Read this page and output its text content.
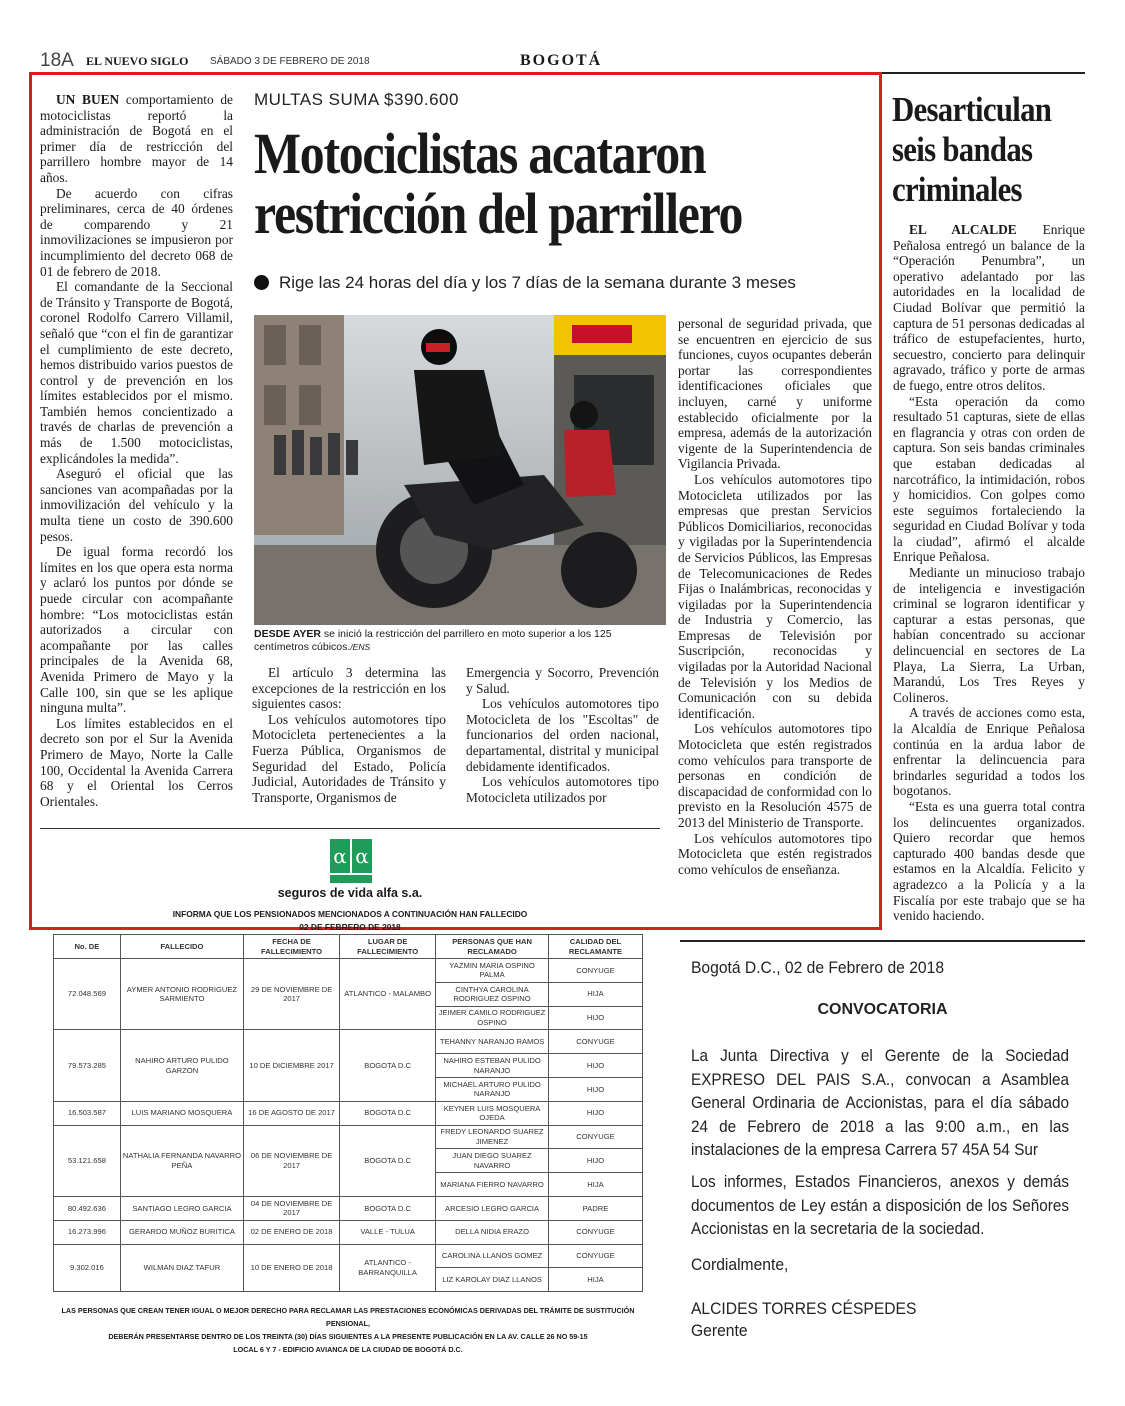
18A EL NUEVO SIGLO SÁBADO 3 DE FEBRERO DE 2018	BOGOTÁ

UN BUEN comportamiento de motociclistas reportó la administración de Bogotá en el primer día de restricción del parrillero hombre mayor de 14 años.

De acuerdo con cifras preliminares, cerca de 40 órdenes de comparendo y 21 inmovilizaciones se impusieron por incumplimiento del decreto 068 de 01 de febrero de 2018.

El comandante de la Seccional de Tránsito y Transporte de Bogotá, coronel Rodolfo Carrero Villamil, señaló que “con el fin de garantizar el cumplimiento de este decreto, hemos distribuido varios puestos de control y de prevención en los límites establecidos por el mismo. También hemos concientizado a través de charlas de prevención a más de 1.500 motociclistas, explicándoles la medida”.

Aseguró el oficial que las sanciones van acompañadas por la inmovilización del vehículo y la multa tiene un costo de 390.600 pesos.

De igual forma recordó los límites en los que opera esta norma y aclaró los puntos por dónde se puede circular con acompañante hombre: “Los motociclistas están autorizados a circular con acompañante por las calles principales de la Avenida 68, Avenida Primero de Mayo y la Calle 100, sin que se les aplique ninguna multa”.

Los límites establecidos en el decreto son por el Sur la Avenida Primero de Mayo, Norte la Calle 100, Occidental la Avenida Carrera 68 y el Oriental los Cerros Orientales.

MULTAS SUMA $390.600
Motociclistas acataron restricción del parrillero
Rige las 24 horas del día y los 7 días de la semana durante 3 meses
DESDE AYER se inició la restricción del parrillero en moto superior a los 125 centímetros cúbicos./ENS

El artículo 3 determina las excepciones de la restricción en los siguientes casos:

Los vehículos automotores tipo Motocicleta pertenecientes a la Fuerza Pública, Organismos de Seguridad del Estado, Policía Judicial, Autoridades de Tránsito y Transporte, Organismos de

Emergencia y Socorro, Prevención y Salud.

Los vehículos automotores tipo Motocicleta de los "Escoltas" de funcionarios del orden nacional, departamental, distrital y municipal debidamente identificados.

Los vehículos automotores tipo Motocicleta utilizados por

personal de seguridad privada, que se encuentren en ejercicio de sus funciones, cuyos ocupantes deberán portar las correspondientes identificaciones oficiales que incluyen, carné y uniforme establecido oficialmente por la empresa, además de la autorización vigente de la Superintendencia de Vigilancia Privada.

Los vehículos automotores tipo Motocicleta utilizados por las empresas que prestan Servicios Públicos Domiciliarios, reconocidas y vigiladas por la Superintendencia de Servicios Públicos, las Empresas de Telecomunicaciones de Redes Fijas o Inalámbricas, reconocidas y vigiladas por la Superintendencia de Industria y Comercio, las Empresas de Televisión por Suscripción, reconocidas y vigiladas por la Autoridad Nacional de Televisión y los Medios de Comunicación con su debida identificación.

Los vehículos automotores tipo Motocicleta que estén registrados como vehículos para transporte de personas en condición de discapacidad de conformidad con lo previsto en la Resolución 4575 de 2013 del Ministerio de Transporte.

Los vehículos automotores tipo Motocicleta que estén registrados como vehículos de enseñanza.

Desarticulan seis bandas criminales

EL ALCALDE Enrique Peñalosa entregó un balance de la “Operación Penumbra”, un operativo adelantado por las autoridades en la localidad de Ciudad Bolívar que permitió la captura de 51 personas dedicadas al tráfico de estupefacientes, hurto, secuestro, concierto para delinquir agravado, tráfico y porte de armas de fuego, entre otros delitos.

“Esta operación da como resultado 51 capturas, siete de ellas en flagrancia y otras con orden de captura. Son seis bandas criminales que estaban dedicadas al narcotráfico, la intimidación, robos y homicidios. Con golpes como este seguimos fortaleciendo la seguridad en Ciudad Bolívar y toda la ciudad”, afirmó el alcalde Enrique Peñalosa.

Mediante un minucioso trabajo de inteligencia e investigación criminal se lograron identificar y capturar a estas personas, que habían concentrado su accionar delincuencial en sectores de La Playa, La Sierra, La Urban, Marandú, Los Tres Reyes y Colineros.

A través de acciones como esta, la Alcaldía de Enrique Peñalosa continúa en la ardua labor de enfrentar la delincuencia para brindarles seguridad a todos los bogotanos.

“Esta es una guerra total contra los delincuentes organizados. Quiero recordar que hemos capturado 400 bandas desde que estamos en la Alcaldía. Felicito y agradezco a la Policía y a la Fiscalía por este trabajo que se ha venido haciendo.

α α
seguros de vida alfa s.a.
INFORMA QUE LOS PENSIONADOS MENCIONADOS A CONTINUACIÓN HAN FALLECIDO
02 DE FEBRERO DE 2018
No. DE	FALLECIDO	FECHA DE FALLECIMIENTO	LUGAR DE FALLECIMIENTO	PERSONAS QUE HAN RECLAMADO	CALIDAD DEL RECLAMANTE
72.048.569	AYMER ANTONIO RODRIGUEZ SARMIENTO	29 DE NOVIEMBRE DE 2017	ATLANTICO - MALAMBO	YAZMIN MARIA OSPINO PALMA	CONYUGE
				CINTHYA CAROLINA RODRIGUEZ OSPINO	HIJA
				JEIMER CAMILO RODRIGUEZ OSPINO	HIJO
79.573.285	NAHIRO ARTURO PULIDO GARZON	10 DE DICIEMBRE 2017	BOGOTA D.C	TEHANNY NARANJO RAMOS	CONYUGE
				NAHIRO ESTEBAN PULIDO NARANJO	HIJO
				MICHAEL ARTURO PULIDO NARANJO	HIJO
16.503.587	LUIS MARIANO MOSQUERA	16 DE AGOSTO DE 2017	BOGOTA D.C	KEYNER LUIS MOSQUERA OJEDA	HIJO
53.121.658	NATHALIA FERNANDA NAVARRO PEÑA	06 DE NOVIEMBRE DE 2017	BOGOTA D.C	FREDY LEONARDO SUAREZ JIMENEZ	CONYUGE
				JUAN DIEGO SUAREZ NAVARRO	HIJO
				MARIANA FIERRO NAVARRO	HIJA
80.492.636	SANTIAGO LEGRO GARCIA	04 DE NOVIEMBRE DE 2017	BOGOTA D.C	ARCESIO LEGRO GARCIA	PADRE
16.273.996	GERARDO MUÑOZ BURITICA	02 DE ENERO DE 2018	VALLE - TULUA	DELLA NIDIA ERAZO	CONYUGE
9.302.016	WILMAN DIAZ TAFUR	10 DE ENERO DE 2018	ATLANTICO - BARRANQUILLA	CAROLINA LLANOS GOMEZ	CONYUGE
				LIZ KAROLAY DIAZ LLANOS	HIJA
LAS PERSONAS QUE CREAN TENER IGUAL O MEJOR DERECHO PARA RECLAMAR LAS PRESTACIONES ECONÓMICAS DERIVADAS DEL TRÁMITE DE SUSTITUCIÓN PENSIONAL,
DEBERÁN PRESENTARSE DENTRO DE LOS TREINTA (30) DÍAS SIGUIENTES A LA PRESENTE PUBLICACIÓN EN LA AV. CALLE 26 NO 59-15
LOCAL 6 Y 7 - EDIFICIO AVIANCA DE LA CIUDAD DE BOGOTÁ D.C.
Bogotá D.C., 02 de Febrero de 2018
CONVOCATORIA
La Junta Directiva y el Gerente de la Sociedad EXPRESO DEL PAIS S.A., convocan a Asamblea General Ordinaria de Accionistas, para el día sábado 24 de Febrero de 2018 a las 9:00 a.m., en las instalaciones de la empresa Carrera 57 45A 54 Sur
Los informes, Estados Financieros, anexos y demás documentos de Ley están a disposición de los Señores Accionistas en la secretaria de la sociedad.
Cordialmente,
ALCIDES TORRES CÉSPEDES
Gerente
